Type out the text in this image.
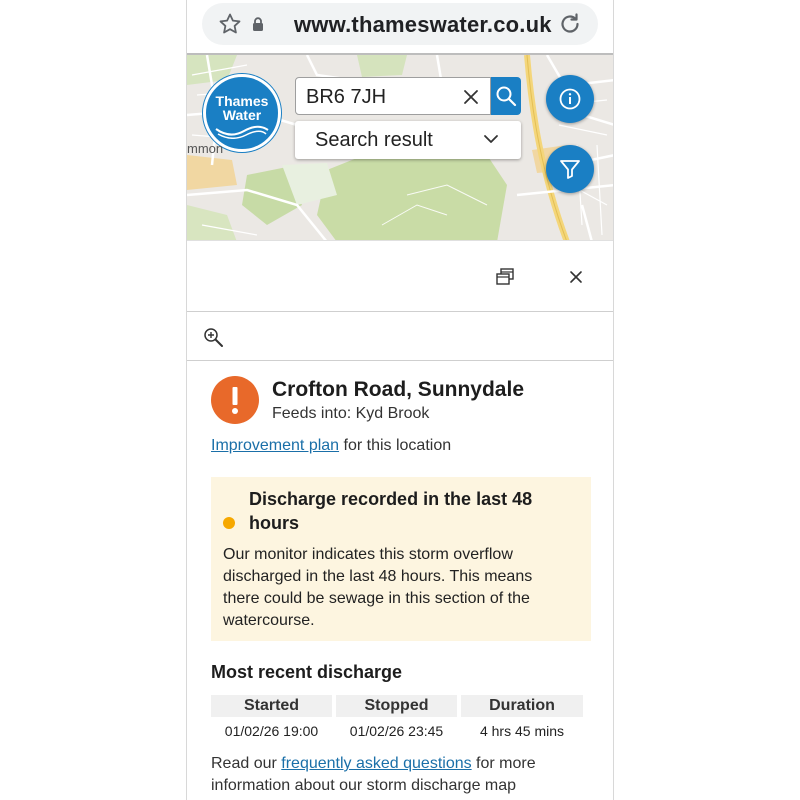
www.thameswater.co.uk
Thames
Water
mmon
BR6 7JH	Search result
Crofton Road, Sunnydale
Feeds into: Kyd Brook
Improvement plan for this location
Discharge recorded in the last 48 hours
Our monitor indicates this storm overflow discharged in the last 48 hours. This means there could be sewage in this section of the watercourse.
Most recent discharge
Started	Stopped	Duration
01/02/26 19:00	01/02/26 23:45	4 hrs 45 mins
Read our frequently asked questions for more information about our storm discharge map
